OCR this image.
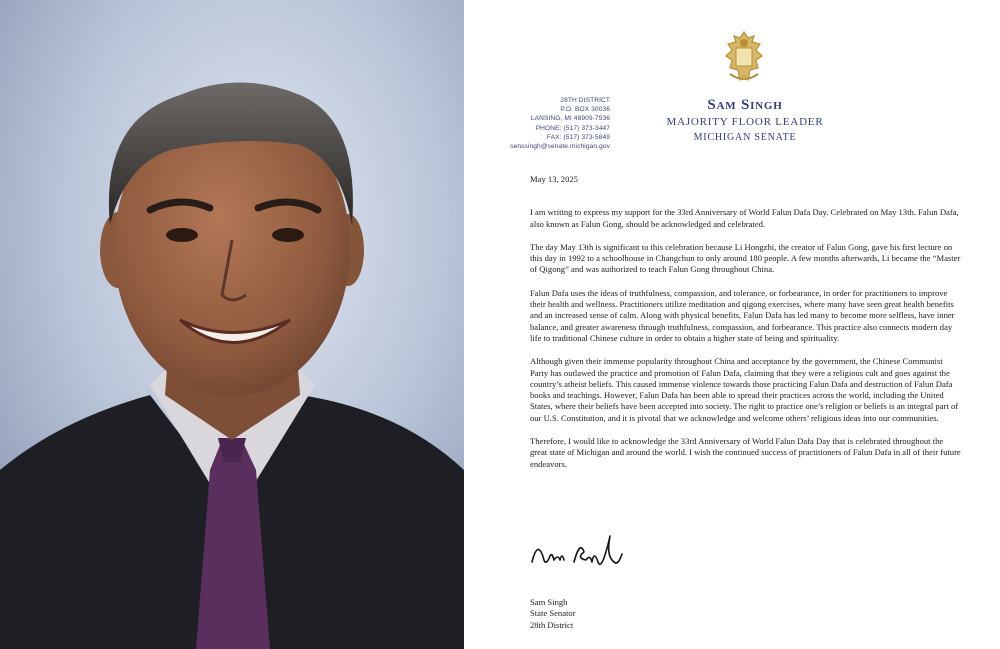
28TH DISTRICT
P.O. BOX 30036
LANSING, MI 48909-7536
PHONE: (517) 373-3447
FAX: (517) 373-5849
senssingh@senate.michigan.gov
Sam Singh
MAJORITY FLOOR LEADER
MICHIGAN SENATE
May 13, 2025

I am writing to express my support for the 33rd Anniversary of World Falun Dafa Day. Celebrated on May 13th. Falun Dafa, also known as Falun Gong, should be acknowledged and celebrated.

The day May 13th is significant to this celebration because Li Hongzhi, the creator of Falun Gong, gave his first lecture on this day in 1992 to a schoolhouse in Changchun to only around 180 people. A few months afterwards, Li became the “Master of Qigong” and was authorized to teach Falun Gong throughout China.

Falun Dafa uses the ideas of truthfulness, compassion, and tolerance, or forbearance, in order for practitioners to improve their health and wellness. Practitioners utilize meditation and qigong exercises, where many have seen great health benefits and an increased sense of calm. Along with physical benefits, Falun Dafa has led many to become more selfless, have inner balance, and greater awareness through truthfulness, compassion, and forbearance. This practice also connects modern day life to traditional Chinese culture in order to obtain a higher state of being and spirituality.

Although given their immense popularity throughout China and acceptance by the government, the Chinese Communist Party has outlawed the practice and promotion of Falun Dafa, claiming that they were a religious cult and goes against the country’s atheist beliefs. This caused immense violence towards those practicing Falun Dafa and destruction of Falun Dafa books and teachings. However, Falun Dafa has been able to spread their practices across the world, including the United States, where their beliefs have been accepted into society. The right to practice one’s religion or beliefs is an integral part of our U.S. Constitution, and it is pivotal that we acknowledge and welcome others’ religious ideas into our communities.

Therefore, I would like to acknowledge the 33rd Anniversary of World Falun Dafa Day that is celebrated throughout the great state of Michigan and around the world. I wish the continued success of practitioners of Falun Dafa in all of their future endeavors.

Sam Singh
State Senator
28th District
